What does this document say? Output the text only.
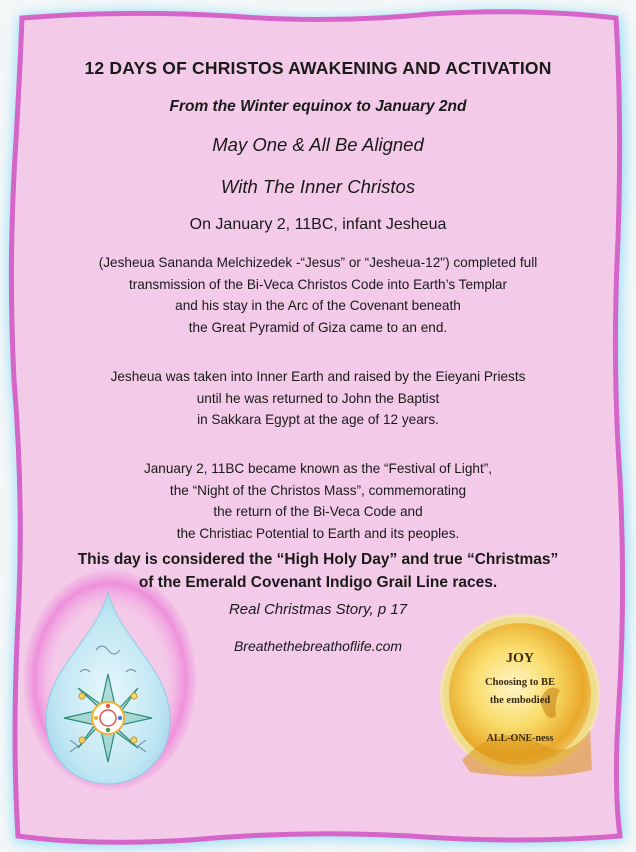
12 DAYS OF CHRISTOS AWAKENING AND ACTIVATION
From the Winter equinox to January 2nd
May One & All Be Aligned
With The Inner Christos
On January 2, 11BC, infant Jesheua
(Jesheua Sananda Melchizedek -“Jesus” or “Jesheua-12") completed full
transmission of the Bi-Veca Christos Code into Earth’s Templar
and his stay in the Arc of the Covenant beneath
the Great Pyramid of Giza came to an end.
Jesheua was taken into Inner Earth and raised by the Eieyani Priests
until he was returned to John the Baptist
in Sakkara Egypt at the age of 12 years.
January 2, 11BC became known as the “Festival of Light”,
the “Night of the Christos Mass”, commemorating
the return of the Bi-Veca Code and
the Christiac Potential to Earth and its peoples.
This day is considered the “High Holy Day” and true “Christmas”
of the Emerald Covenant Indigo Grail Line races.
Real Christmas Story, p 17
Breathethebreathoflife.com
JOY
Choosing to BE
the embodied
ALL-ONE-ness
